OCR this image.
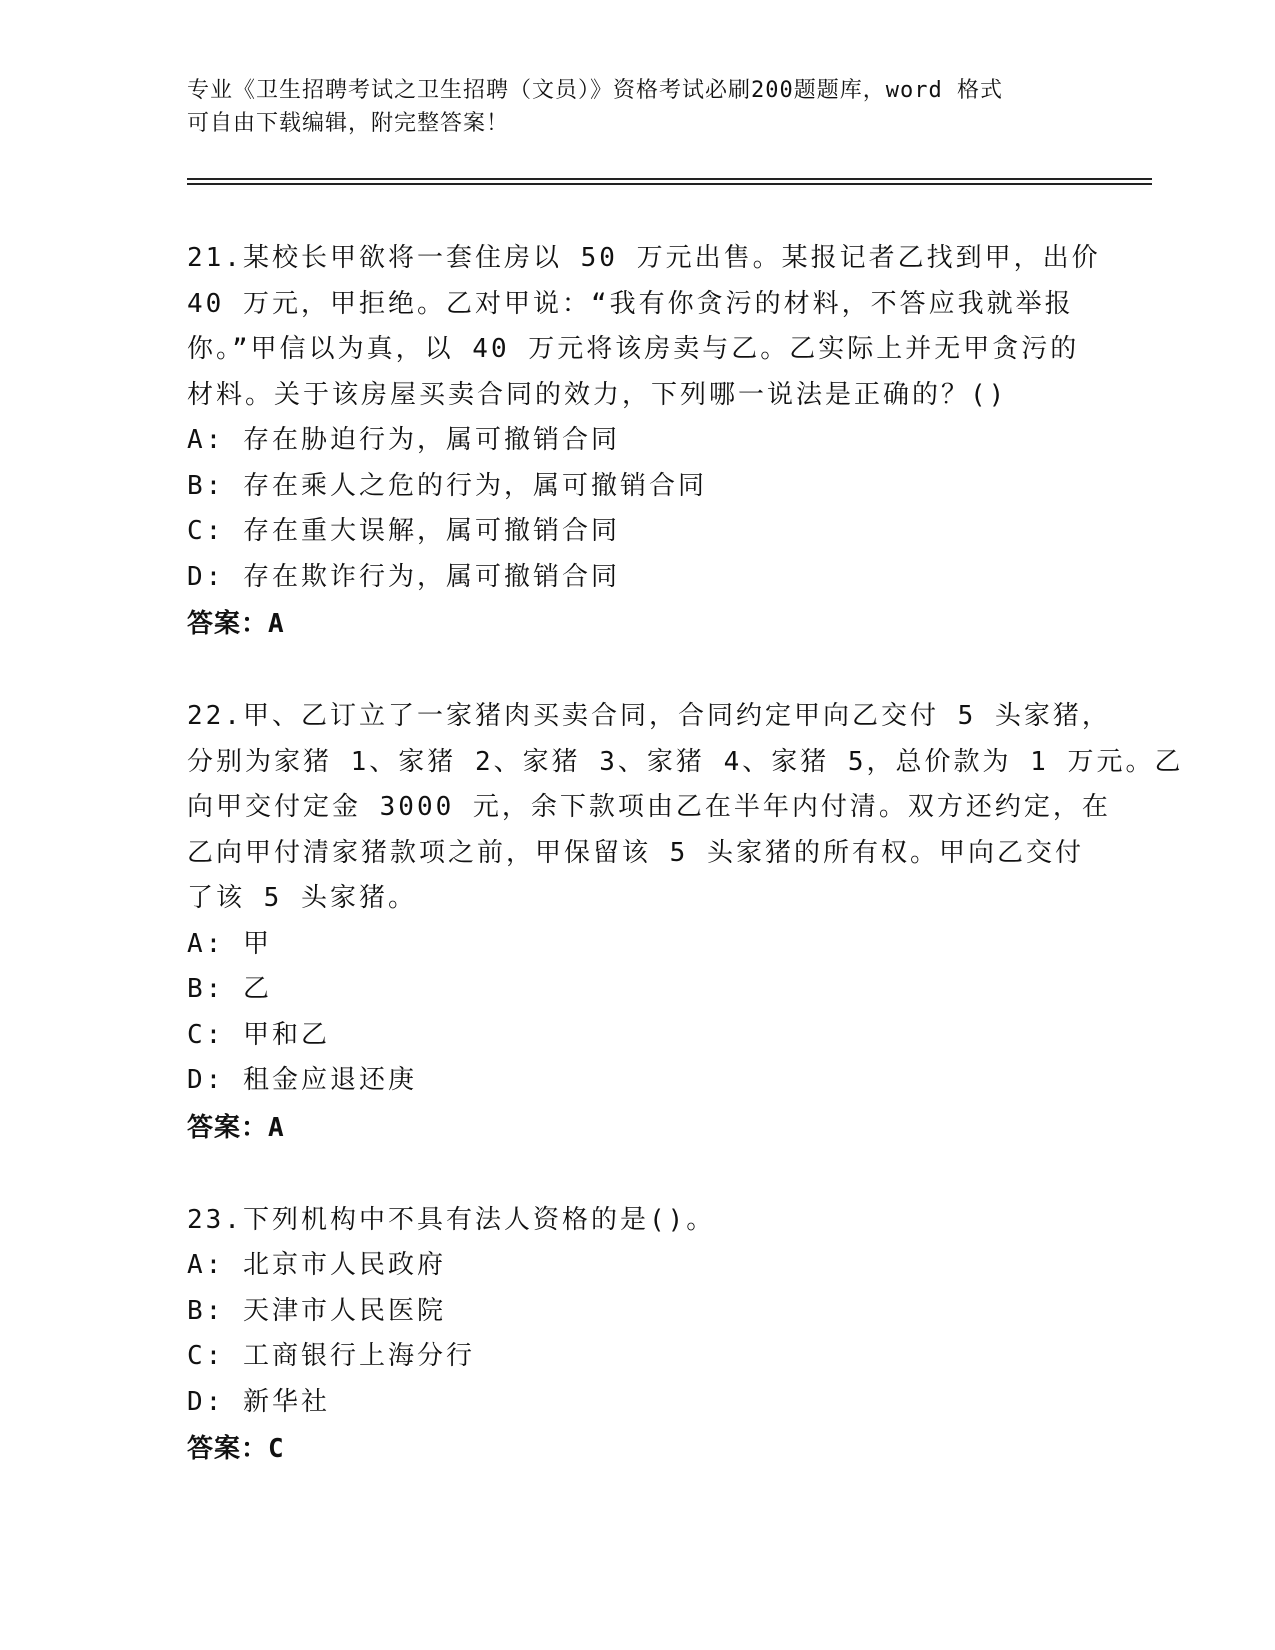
专业《卫生招聘考试之卫生招聘（文员）》资格考试必刷200题题库，word 格式
可自由下载编辑，附完整答案！
21.某校长甲欲将一套住房以 50 万元出售。某报记者乙找到甲，出价
40 万元，甲拒绝。乙对甲说：“我有你贪污的材料，不答应我就举报
你。”甲信以为真，以 40 万元将该房卖与乙。乙实际上并无甲贪污的
材料。关于该房屋买卖合同的效力，下列哪一说法是正确的？()
A: 存在胁迫行为，属可撤销合同
B: 存在乘人之危的行为，属可撤销合同
C: 存在重大误解，属可撤销合同
D: 存在欺诈行为，属可撤销合同
答案：A
22.甲、乙订立了一家猪肉买卖合同，合同约定甲向乙交付 5 头家猪，
分别为家猪 1、家猪 2、家猪 3、家猪 4、家猪 5，总价款为 1 万元。乙
向甲交付定金 3000 元，余下款项由乙在半年内付清。双方还约定，在
乙向甲付清家猪款项之前，甲保留该 5 头家猪的所有权。甲向乙交付
了该 5 头家猪。
A: 甲
B: 乙
C: 甲和乙
D: 租金应退还庚
答案：A
23.下列机构中不具有法人资格的是()。
A: 北京市人民政府
B: 天津市人民医院
C: 工商银行上海分行
D: 新华社
答案：C
